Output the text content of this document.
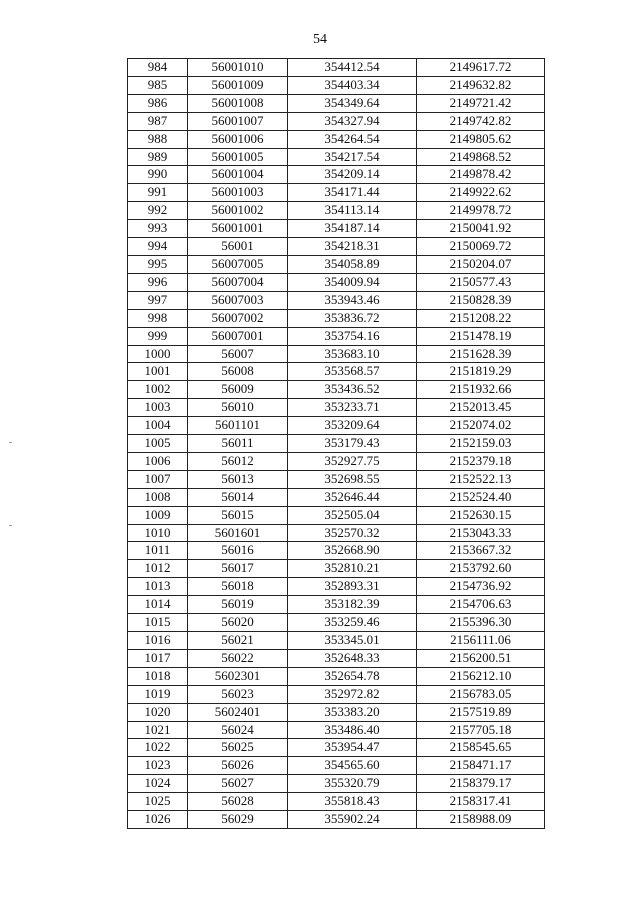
54
984	56001010	354412.54	2149617.72
985	56001009	354403.34	2149632.82
986	56001008	354349.64	2149721.42
987	56001007	354327.94	2149742.82
988	56001006	354264.54	2149805.62
989	56001005	354217.54	2149868.52
990	56001004	354209.14	2149878.42
991	56001003	354171.44	2149922.62
992	56001002	354113.14	2149978.72
993	56001001	354187.14	2150041.92
994	56001	354218.31	2150069.72
995	56007005	354058.89	2150204.07
996	56007004	354009.94	2150577.43
997	56007003	353943.46	2150828.39
998	56007002	353836.72	2151208.22
999	56007001	353754.16	2151478.19
1000	56007	353683.10	2151628.39
1001	56008	353568.57	2151819.29
1002	56009	353436.52	2151932.66
1003	56010	353233.71	2152013.45
1004	5601101	353209.64	2152074.02
1005	56011	353179.43	2152159.03
1006	56012	352927.75	2152379.18
1007	56013	352698.55	2152522.13
1008	56014	352646.44	2152524.40
1009	56015	352505.04	2152630.15
1010	5601601	352570.32	2153043.33
1011	56016	352668.90	2153667.32
1012	56017	352810.21	2153792.60
1013	56018	352893.31	2154736.92
1014	56019	353182.39	2154706.63
1015	56020	353259.46	2155396.30
1016	56021	353345.01	2156111.06
1017	56022	352648.33	2156200.51
1018	5602301	352654.78	2156212.10
1019	56023	352972.82	2156783.05
1020	5602401	353383.20	2157519.89
1021	56024	353486.40	2157705.18
1022	56025	353954.47	2158545.65
1023	56026	354565.60	2158471.17
1024	56027	355320.79	2158379.17
1025	56028	355818.43	2158317.41
1026	56029	355902.24	2158988.09
